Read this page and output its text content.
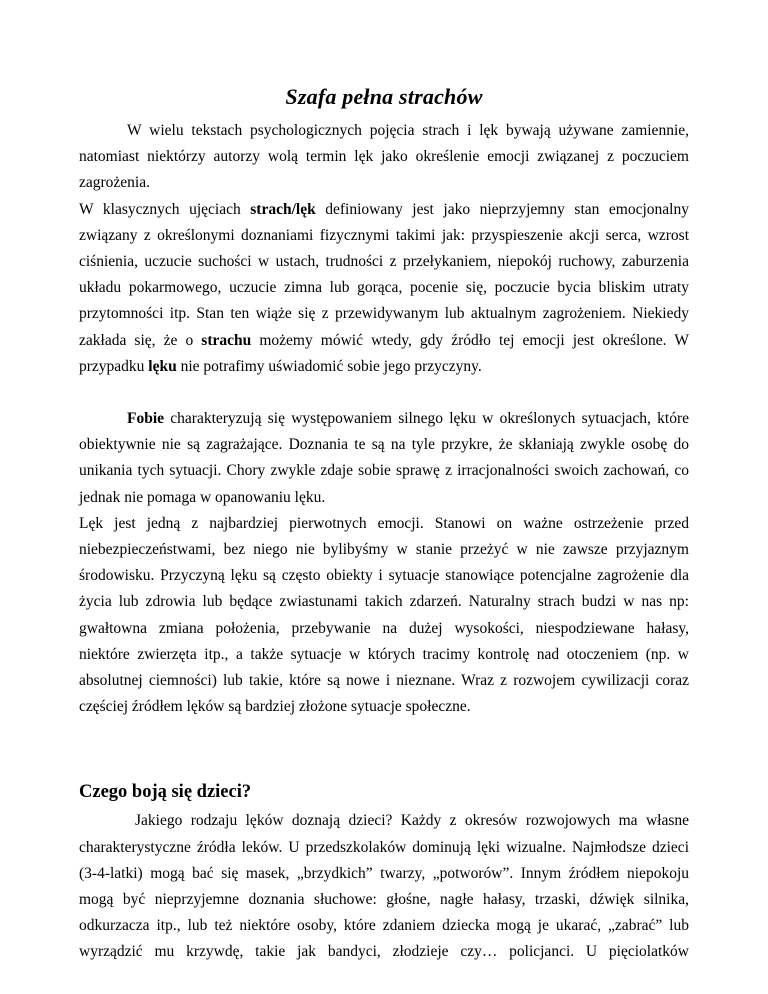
Szafa pełna strachów
W wielu tekstach psychologicznych pojęcia strach i lęk bywają używane zamiennie,
natomiast niektórzy autorzy wolą termin lęk jako określenie emocji związanej z poczuciem
zagrożenia.
W klasycznych ujęciach strach/lęk definiowany jest jako nieprzyjemny stan emocjonalny
związany z określonymi doznaniami fizycznymi takimi jak: przyspieszenie akcji serca, wzrost
ciśnienia, uczucie suchości w ustach, trudności z przełykaniem, niepokój ruchowy, zaburzenia
układu pokarmowego, uczucie zimna lub gorąca, pocenie się, poczucie bycia bliskim utraty
przytomności itp. Stan ten wiąże się z przewidywanym lub aktualnym zagrożeniem. Niekiedy
zakłada się, że o strachu możemy mówić wtedy, gdy źródło tej emocji jest określone. W
przypadku lęku nie potrafimy uświadomić sobie jego przyczyny.
Fobie charakteryzują się występowaniem silnego lęku w określonych sytuacjach, które
obiektywnie nie są zagrażające. Doznania te są na tyle przykre, że skłaniają zwykle osobę do
unikania tych sytuacji. Chory zwykle zdaje sobie sprawę z irracjonalności swoich zachowań, co
jednak nie pomaga w opanowaniu lęku.
Lęk jest jedną z najbardziej pierwotnych emocji. Stanowi on ważne ostrzeżenie przed
niebezpieczeństwami, bez niego nie bylibyśmy w stanie przeżyć w nie zawsze przyjaznym
środowisku. Przyczyną lęku są często obiekty i sytuacje stanowiące potencjalne zagrożenie dla
życia lub zdrowia lub będące zwiastunami takich zdarzeń. Naturalny strach budzi w nas np:
gwałtowna zmiana położenia, przebywanie na dużej wysokości, niespodziewane hałasy,
niektóre zwierzęta itp., a także sytuacje w których tracimy kontrolę nad otoczeniem (np. w
absolutnej ciemności) lub takie, które są nowe i nieznane. Wraz z rozwojem cywilizacji coraz
częściej źródłem lęków są bardziej złożone sytuacje społeczne.
Czego boją się dzieci?
Jakiego rodzaju lęków doznają dzieci? Każdy z okresów rozwojowych ma własne
charakterystyczne źródła leków. U przedszkolaków dominują lęki wizualne. Najmłodsze dzieci
(3-4-latki) mogą bać się masek, „brzydkich” twarzy, „potworów”. Innym źródłem niepokoju
mogą być nieprzyjemne doznania słuchowe: głośne, nagłe hałasy, trzaski, dźwięk silnika,
odkurzacza itp., lub też niektóre osoby, które zdaniem dziecka mogą je ukarać, „zabrać” lub
wyrządzić mu krzywdę, takie jak bandyci, złodzieje czy… policjanci. U pięciolatków
